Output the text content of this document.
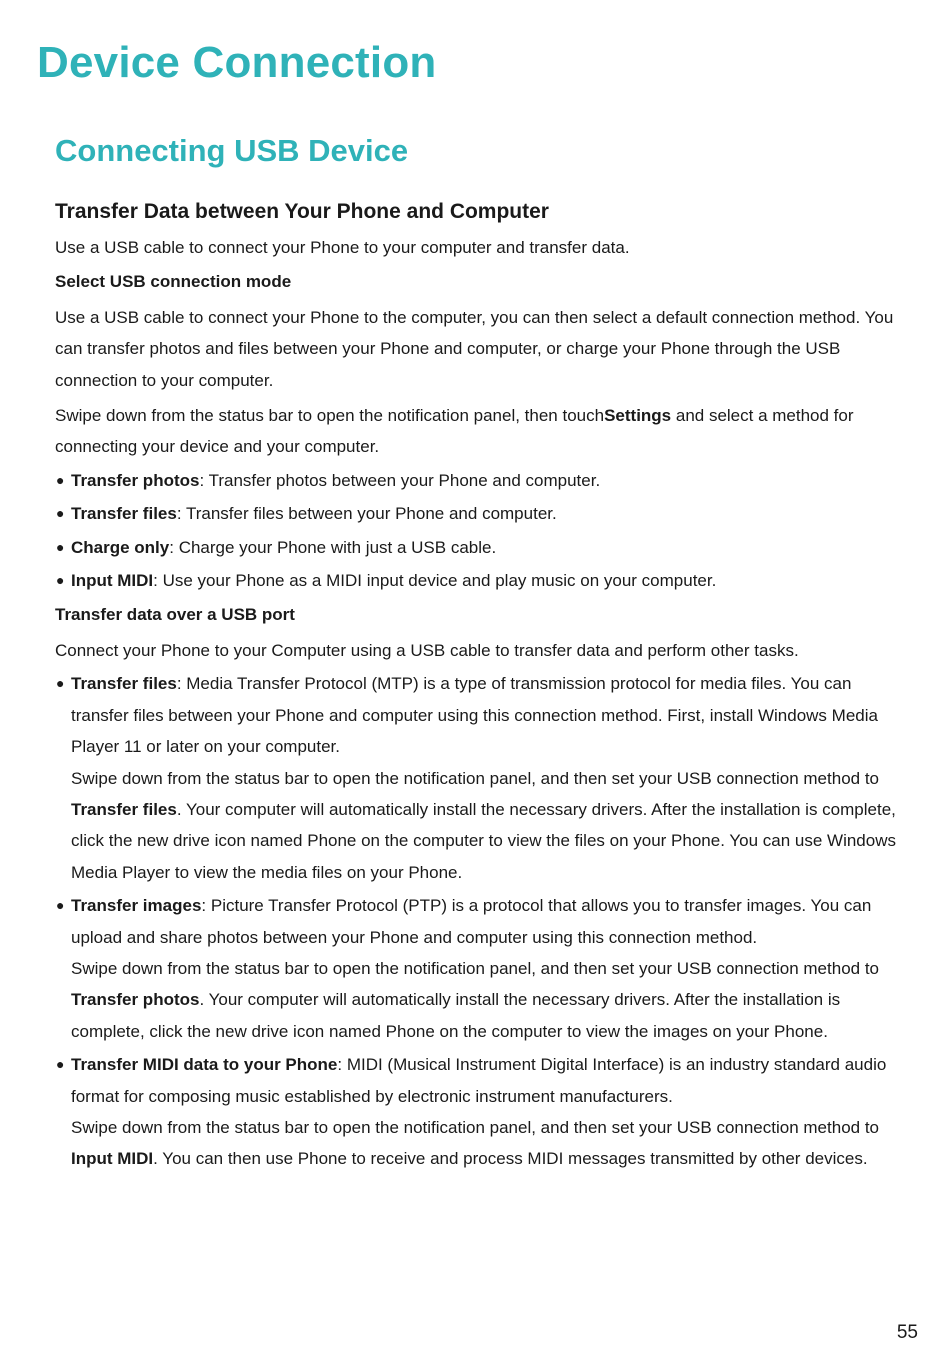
Device Connection
Connecting USB Device
Transfer Data between Your Phone and Computer

Use a USB cable to connect your Phone to your computer and transfer data.

Select USB connection mode

Use a USB cable to connect your Phone to the computer, you can then select a default connection method. You can transfer photos and files between your Phone and computer, or charge your Phone through the USB connection to your computer.

Swipe down from the status bar to open the notification panel, then touchSettings and select a method for connecting your device and your computer.

● Transfer photos: Transfer photos between your Phone and computer.
● Transfer files: Transfer files between your Phone and computer.
● Charge only: Charge your Phone with just a USB cable.
● Input MIDI: Use your Phone as a MIDI input device and play music on your computer.

Transfer data over a USB port

Connect your Phone to your Computer using a USB cable to transfer data and perform other tasks.

● Transfer files: Media Transfer Protocol (MTP) is a type of transmission protocol for media files. You can transfer files between your Phone and computer using this connection method. First, install Windows Media Player 11 or later on your computer.
Swipe down from the status bar to open the notification panel, and then set your USB connection method to Transfer files. Your computer will automatically install the necessary drivers. After the installation is complete, click the new drive icon named Phone on the computer to view the files on your Phone. You can use Windows Media Player to view the media files on your Phone.
● Transfer images: Picture Transfer Protocol (PTP) is a protocol that allows you to transfer images. You can upload and share photos between your Phone and computer using this connection method.
Swipe down from the status bar to open the notification panel, and then set your USB connection method to Transfer photos. Your computer will automatically install the necessary drivers. After the installation is complete, click the new drive icon named Phone on the computer to view the images on your Phone.
● Transfer MIDI data to your Phone: MIDI (Musical Instrument Digital Interface) is an industry standard audio format for composing music established by electronic instrument manufacturers.
Swipe down from the status bar to open the notification panel, and then set your USB connection method to Input MIDI. You can then use Phone to receive and process MIDI messages transmitted by other devices.
55
